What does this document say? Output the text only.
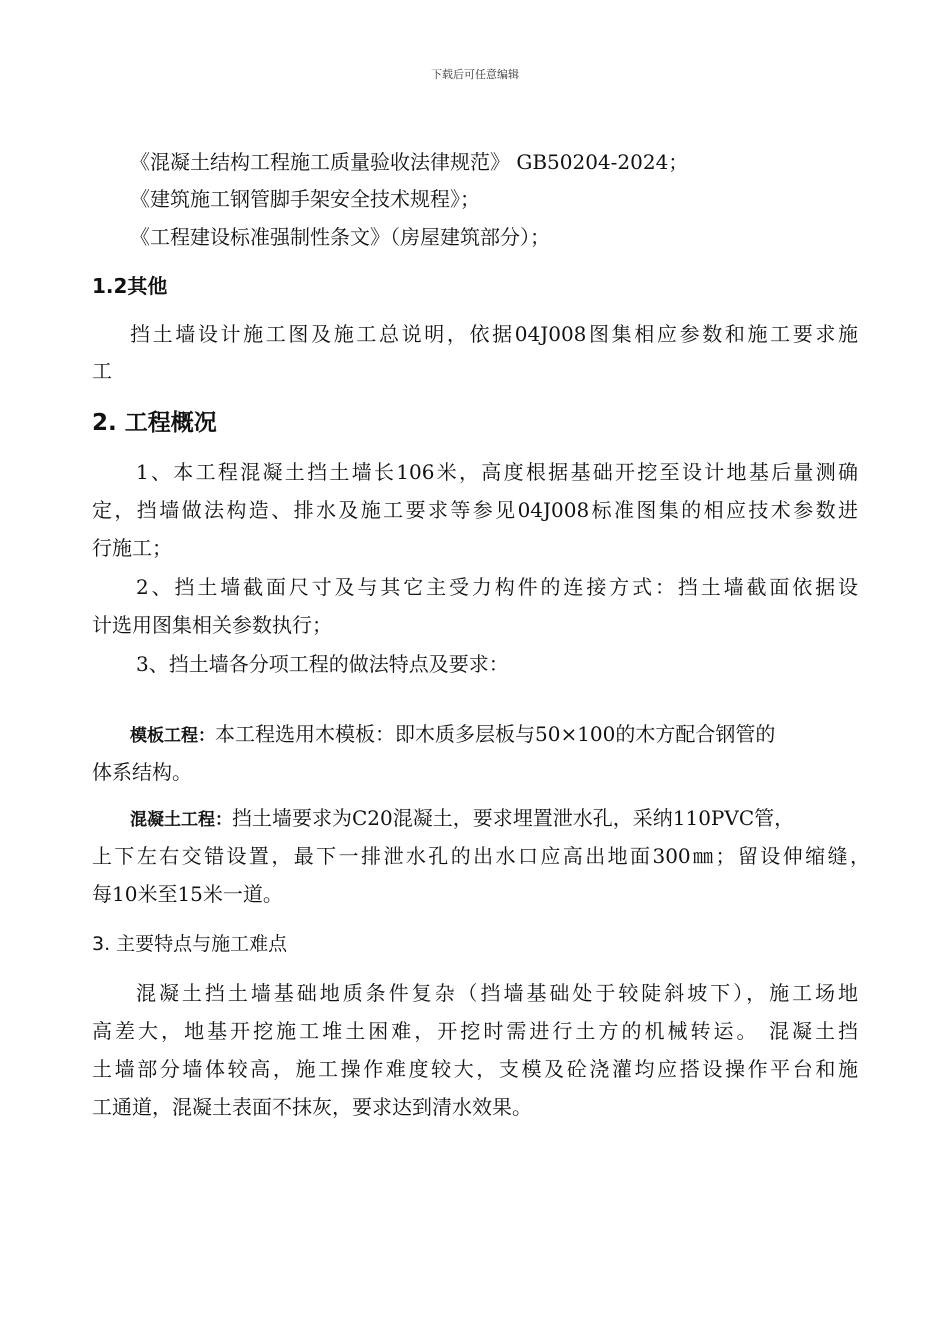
下载后可任意编辑
《混凝土结构工程施工质量验收法律规范》 GB50204-2024；
《建筑施工钢管脚手架安全技术规程》；
《工程建设标准强制性条文》（房屋建筑部分）；
1.2其他
挡土墙设计施工图及施工总说明，依据04J008图集相应参数和施工要求施
工
2. 工程概况
1、本工程混凝土挡土墙长106米，高度根据基础开挖至设计地基后量测确
定，挡墙做法构造、排水及施工要求等参见04J008标准图集的相应技术参数进
行施工；
2、挡土墙截面尺寸及与其它主受力构件的连接方式：挡土墙截面依据设
计选用图集相关参数执行；
3、挡土墙各分项工程的做法特点及要求：
模板工程：本工程选用木模板：即木质多层板与50×100的木方配合钢管的
体系结构。
混凝土工程：挡土墙要求为C20混凝土，要求埋置泄水孔，采纳110PVC管，
上下左右交错设置，最下一排泄水孔的出水口应高出地面300㎜；留设伸缩缝，
每10米至15米一道。
3. 主要特点与施工难点
混凝土挡土墙基础地质条件复杂（挡墙基础处于较陡斜坡下），施工场地
高差大，地基开挖施工堆土困难，开挖时需进行土方的机械转运。 混凝土挡
土墙部分墙体较高，施工操作难度较大，支模及砼浇灌均应搭设操作平台和施
工通道，混凝土表面不抹灰，要求达到清水效果。
